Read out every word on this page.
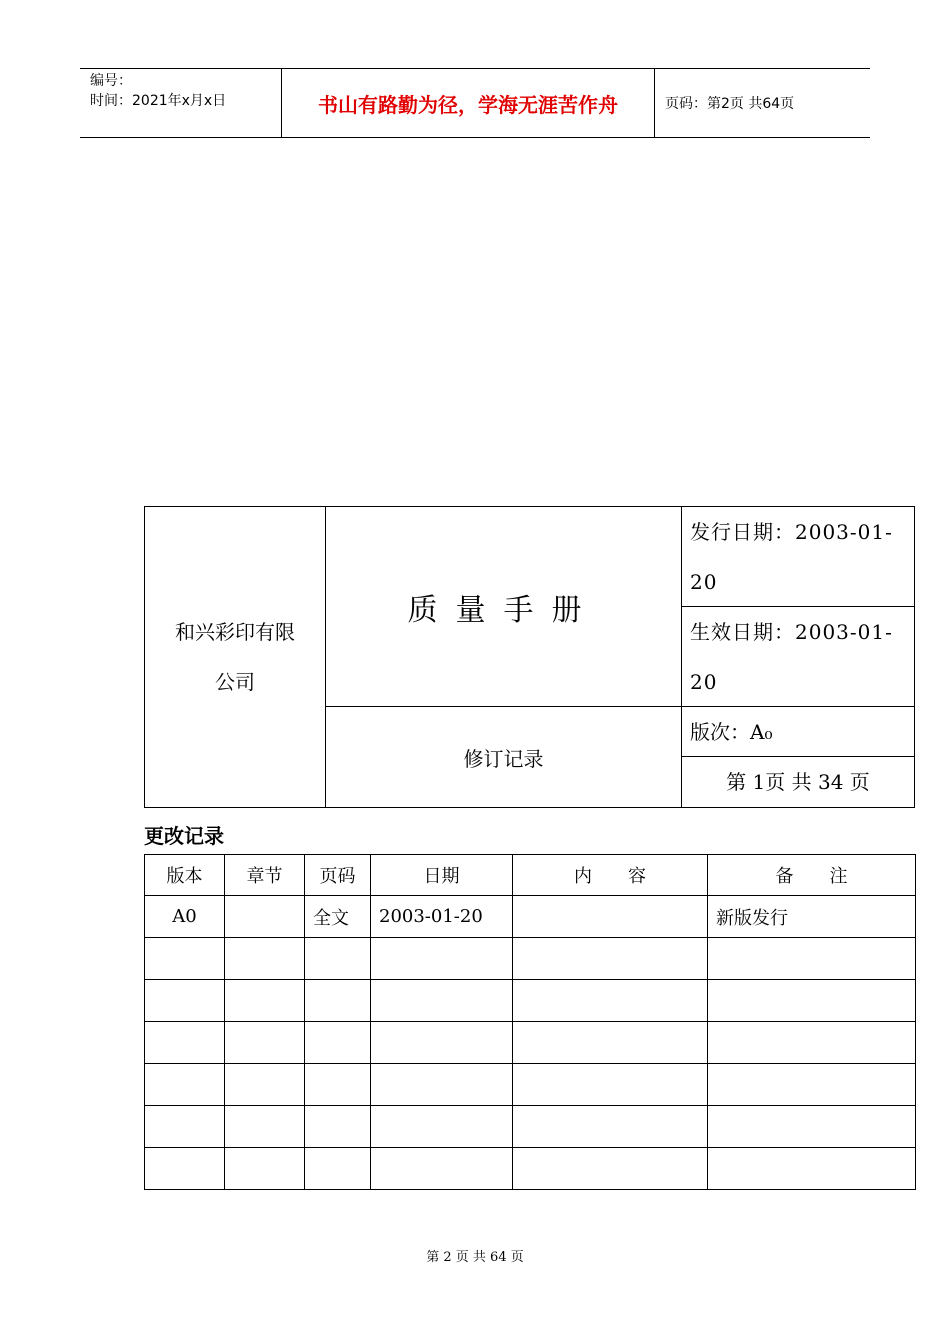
编号：
时间：2021年x月x日	书山有路勤为径，学海无涯苦作舟	页码：第2页 共64页
和兴彩印有限
公司
质量手册
修订记录
发行日期：2003-01-
20
生效日期：2003-01-
20
版次：A₀
第 1页 共 34 页
更改记录
版本	章节	页码	日期	内　　容	备　　注
A0		全文	2003-01-20		新版发行

第 2 页 共 64 页
